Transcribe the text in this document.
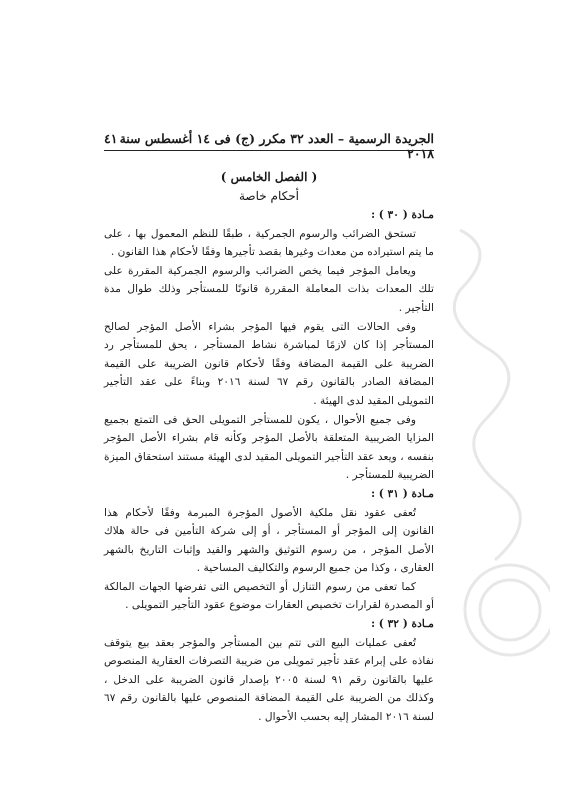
الجريدة الرسمية – العدد ٣٢ مكرر (ج) فى ١٤ أغسطس سنة ٢٠١٨
٤١
( الفصل الخامس )
أحكام خاصة
مـادة ( ٣٠ ) :

تستحق الضرائب والرسوم الجمركية ، طبقًا للنظم المعمول بها ، على ما يتم استيراده من معدات وغيرها بقصد تأجيرها وفقًا لأحكام هذا القانون .

ويعامل المؤجر فيما يخص الضرائب والرسوم الجمركية المقررة على تلك المعدات بذات المعاملة المقررة قانونًا للمستأجر وذلك طوال مدة التأجير .

وفى الحالات التى يقوم فيها المؤجر بشراء الأصل المؤجر لصالح المستأجر إذا كان لازمًا لمباشرة نشاط المستأجر ، يحق للمستأجر رد الضريبة على القيمة المضافة وفقًا لأحكام قانون الضريبة على القيمة المضافة الصادر بالقانون رقم ٦٧ لسنة ٢٠١٦ وبناءً على عقد التأجير التمويلى المقيد لدى الهيئة .

وفى جميع الأحوال ، يكون للمستأجر التمويلى الحق فى التمتع بجميع المزايا الضريبية المتعلقة بالأصل المؤجر وكأنه قام بشراء الأصل المؤجر بنفسه ، ويعد عقد التأجير التمويلى المقيد لدى الهيئة مستند استحقاق الميزة الضريبية للمستأجر .

مـادة ( ٣١ ) :

تُعفى عقود نقل ملكية الأصول المؤجرة المبرمة وفقًا لأحكام هذا القانون إلى المؤجر أو المستأجر ، أو إلى شركة التأمين فى حالة هلاك الأصل المؤجر ، من رسوم التوثيق والشهر والقيد وإثبات التاريخ بالشهر العقارى ، وكذا من جميع الرسوم والتكاليف المساحية .

كما تعفى من رسوم التنازل أو التخصيص التى تفرضها الجهات المالكة أو المصدرة لقرارات تخصيص العقارات موضوع عقود التأجير التمويلى .

مـادة ( ٣٢ ) :

تُعفى عمليات البيع التى تتم بين المستأجر والمؤجر بعقد بيع يتوقف نفاذه على إبرام عقد تأجير تمويلى من ضريبة التصرفات العقارية المنصوص عليها بالقانون رقم ٩١ لسنة ٢٠٠٥ بإصدار قانون الضريبة على الدخل ، وكذلك من الضريبة على القيمة المضافة المنصوص عليها بالقانون رقم ٦٧ لسنة ٢٠١٦ المشار إليه بحسب الأحوال .
